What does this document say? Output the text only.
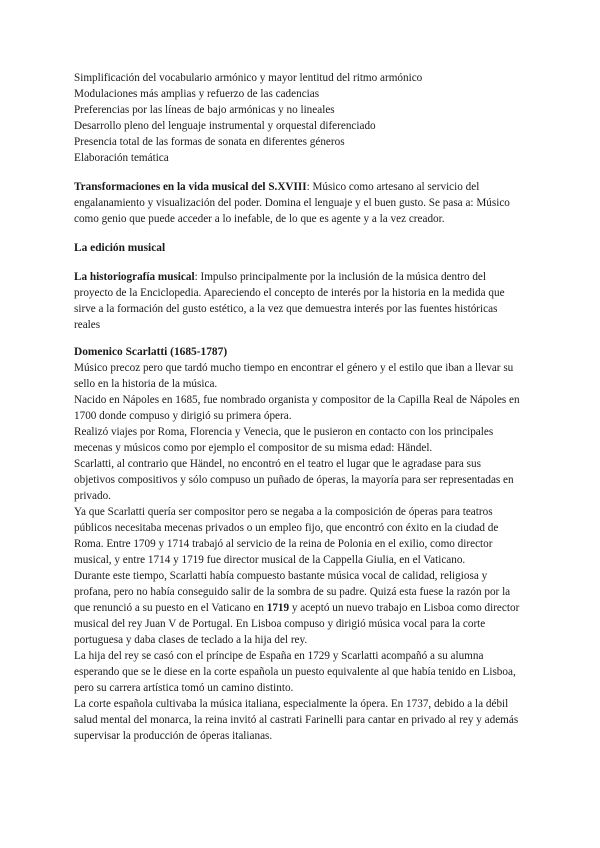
Simplificación del vocabulario armónico y mayor lentitud del ritmo armónico
Modulaciones más amplias y refuerzo de las cadencias
Preferencias por las líneas de bajo armónicas y no lineales
Desarrollo pleno del lenguaje instrumental y orquestal diferenciado
Presencia total de las formas de sonata en diferentes géneros
Elaboración temática
Transformaciones en la vida musical del S.XVIII: Músico como artesano al servicio del engalanamiento y visualización del poder. Domina el lenguaje y el buen gusto. Se pasa a: Músico como genio que puede acceder a lo inefable, de lo que es agente y a la vez creador.
La edición musical
La historiografía musical: Impulso principalmente por la inclusión de la música dentro del proyecto de la Enciclopedia. Apareciendo el concepto de interés por la historia en la medida que sirve a la formación del gusto estético, a la vez que demuestra interés por las fuentes históricas reales
Domenico Scarlatti (1685-1787)
Músico precoz pero que tardó mucho tiempo en encontrar el género y el estilo que iban a llevar su sello en la historia de la música.
Nacido en Nápoles en 1685, fue nombrado organista y compositor de la Capilla Real de Nápoles en 1700 donde compuso y dirigió su primera ópera.
Realizó viajes por Roma, Florencia y Venecia, que le pusieron en contacto con los principales mecenas y músicos como por ejemplo el compositor de su misma edad: Händel.
Scarlatti, al contrario que Händel, no encontró en el teatro el lugar que le agradase para sus objetivos compositivos y sólo compuso un puñado de óperas, la mayoría para ser representadas en privado.
Ya que Scarlatti quería ser compositor pero se negaba a la composición de óperas para teatros públicos necesitaba mecenas privados o un empleo fijo, que encontró con éxito en la ciudad de Roma. Entre 1709 y 1714 trabajó al servicio de la reina de Polonia en el exilio, como director musical, y entre 1714 y 1719 fue director musical de la Cappella Giulia, en el Vaticano.
Durante este tiempo, Scarlatti había compuesto bastante música vocal de calidad, religiosa y profana, pero no había conseguido salir de la sombra de su padre. Quizá esta fuese la razón por la que renunció a su puesto en el Vaticano en 1719 y aceptó un nuevo trabajo en Lisboa como director musical del rey Juan V de Portugal. En Lisboa compuso y dirigió música vocal para la corte portuguesa y daba clases de teclado a la hija del rey.
La hija del rey se casó con el príncipe de España en 1729 y Scarlatti acompañó a su alumna esperando que se le diese en la corte española un puesto equivalente al que había tenido en Lisboa, pero su carrera artística tomó un camino distinto.
La corte española cultivaba la música italiana, especialmente la ópera. En 1737, debido a la débil salud mental del monarca, la reina invitó al castrati Farinelli para cantar en privado al rey y además supervisar la producción de óperas italianas.
